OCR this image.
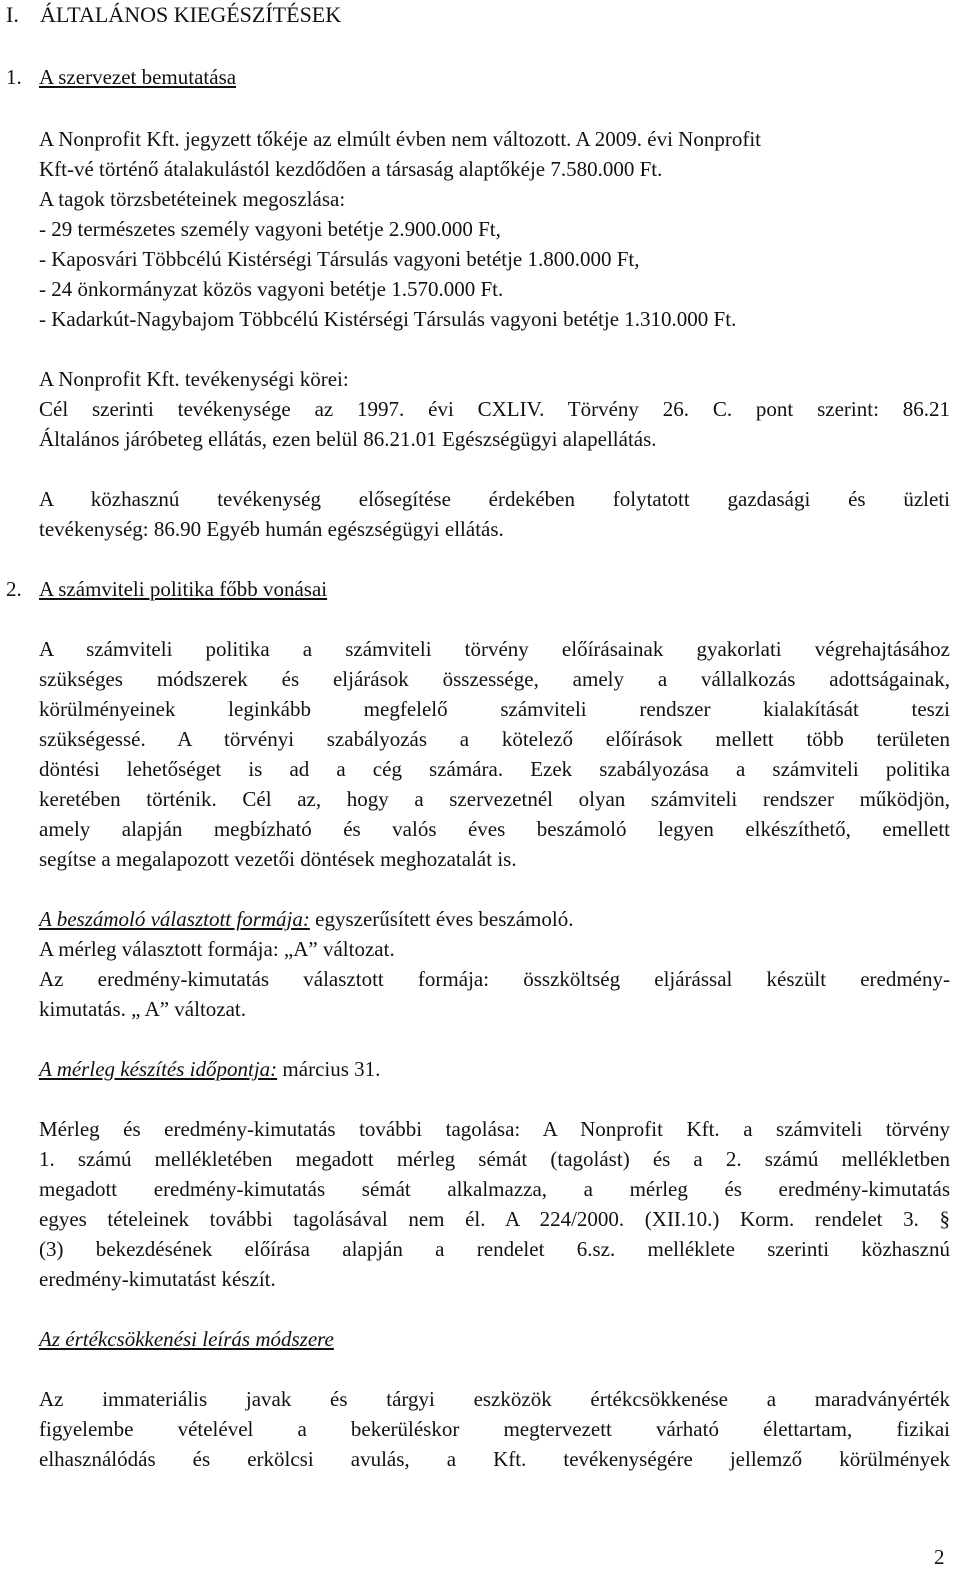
I. ÁLTALÁNOS KIEGÉSZÍTÉSEK
1. A szervezet bemutatása
A Nonprofit Kft. jegyzett tőkéje az elmúlt évben nem változott. A 2009. évi Nonprofit
Kft-vé történő átalakulástól kezdődően a társaság alaptőkéje 7.580.000 Ft.
A tagok törzsbetéteinek megoszlása:
- 29 természetes személy vagyoni betétje 2.900.000 Ft,
- Kaposvári Többcélú Kistérségi Társulás vagyoni betétje 1.800.000 Ft,
- 24 önkormányzat közös vagyoni betétje 1.570.000 Ft.
- Kadarkút-Nagybajom Többcélú Kistérségi Társulás vagyoni betétje 1.310.000 Ft.
A Nonprofit Kft. tevékenységi körei:
Cél szerinti tevékenysége az 1997. évi CXLIV. Törvény 26. C. pont szerint: 86.21
Általános járóbeteg ellátás, ezen belül 86.21.01 Egészségügyi alapellátás.
A közhasznú tevékenység elősegítése érdekében folytatott gazdasági és üzleti
tevékenység: 86.90 Egyéb humán egészségügyi ellátás.
2. A számviteli politika főbb vonásai
A számviteli politika a számviteli törvény előírásainak gyakorlati végrehajtásához
szükséges módszerek és eljárások összessége, amely a vállalkozás adottságainak,
körülményeinek leginkább megfelelő számviteli rendszer kialakítását teszi
szükségessé. A törvényi szabályozás a kötelező előírások mellett több területen
döntési lehetőséget is ad a cég számára. Ezek szabályozása a számviteli politika
keretében történik. Cél az, hogy a szervezetnél olyan számviteli rendszer működjön,
amely alapján megbízható és valós éves beszámoló legyen elkészíthető, emellett
segítse a megalapozott vezetői döntések meghozatalát is.
A beszámoló választott formája: egyszerűsített éves beszámoló.
A mérleg választott formája: „A” változat.
Az eredmény-kimutatás választott formája: összköltség eljárással készült eredmény-
kimutatás. „ A” változat.
A mérleg készítés időpontja: március 31.
Mérleg és eredmény-kimutatás további tagolása: A Nonprofit Kft. a számviteli törvény
1. számú mellékletében megadott mérleg sémát (tagolást) és a 2. számú mellékletben
megadott eredmény-kimutatás sémát alkalmazza, a mérleg és eredmény-kimutatás
egyes tételeinek további tagolásával nem él. A 224/2000. (XII.10.) Korm. rendelet 3. §
(3) bekezdésének előírása alapján a rendelet 6.sz. melléklete szerinti közhasznú
eredmény-kimutatást készít.
Az értékcsökkenési leírás módszere
Az immateriális javak és tárgyi eszközök értékcsökkenése a maradványérték
figyelembe vételével a bekerüléskor megtervezett várható élettartam, fizikai
elhasználódás és erkölcsi avulás, a Kft. tevékenységére jellemző körülmények
2
